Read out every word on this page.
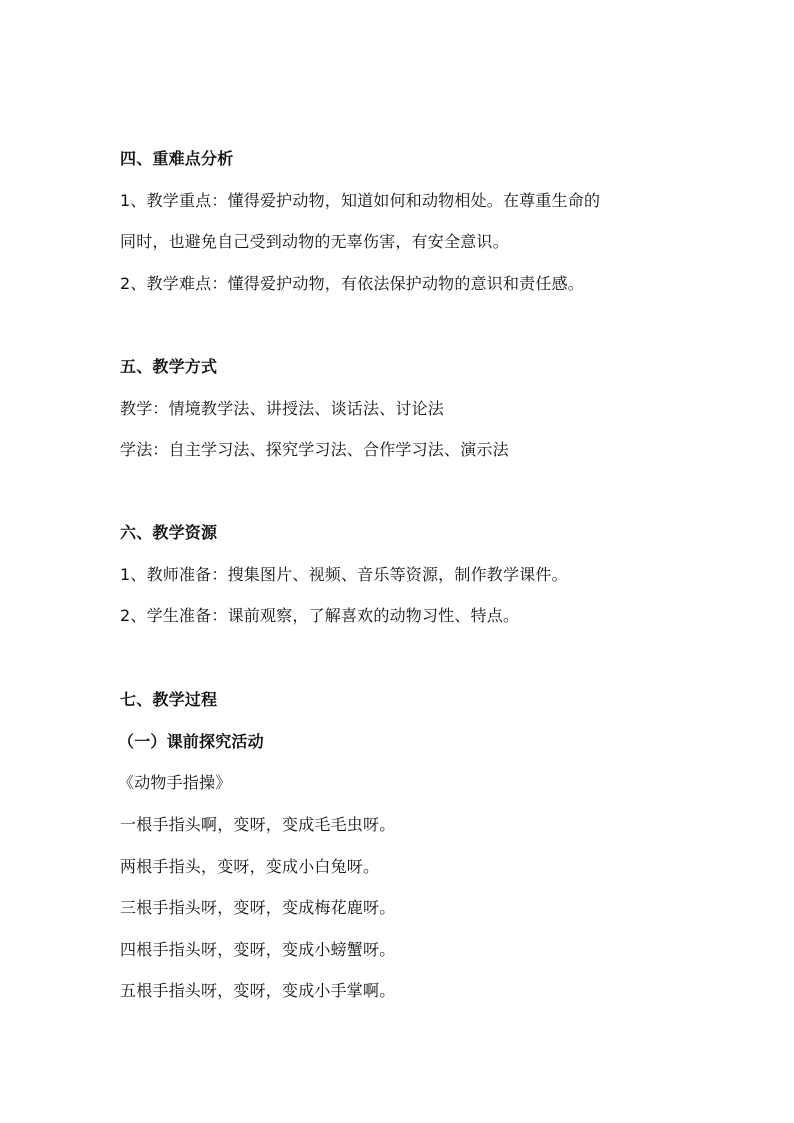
四、重难点分析

1、教学重点：懂得爱护动物，知道如何和动物相处。在尊重生命的

同时，也避免自己受到动物的无辜伤害，有安全意识。

2、教学难点：懂得爱护动物，有依法保护动物的意识和责任感。

五、教学方式

教学：情境教学法、讲授法、谈话法、讨论法

学法：自主学习法、探究学习法、合作学习法、演示法

六、教学资源

1、教师准备：搜集图片、视频、音乐等资源，制作教学课件。

2、学生准备：课前观察，了解喜欢的动物习性、特点。

七、教学过程

（一）课前探究活动

《动物手指操》

一根手指头啊，变呀，变成毛毛虫呀。

两根手指头，变呀，变成小白兔呀。

三根手指头呀，变呀，变成梅花鹿呀。

四根手指头呀，变呀，变成小螃蟹呀。

五根手指头呀，变呀，变成小手掌啊。
